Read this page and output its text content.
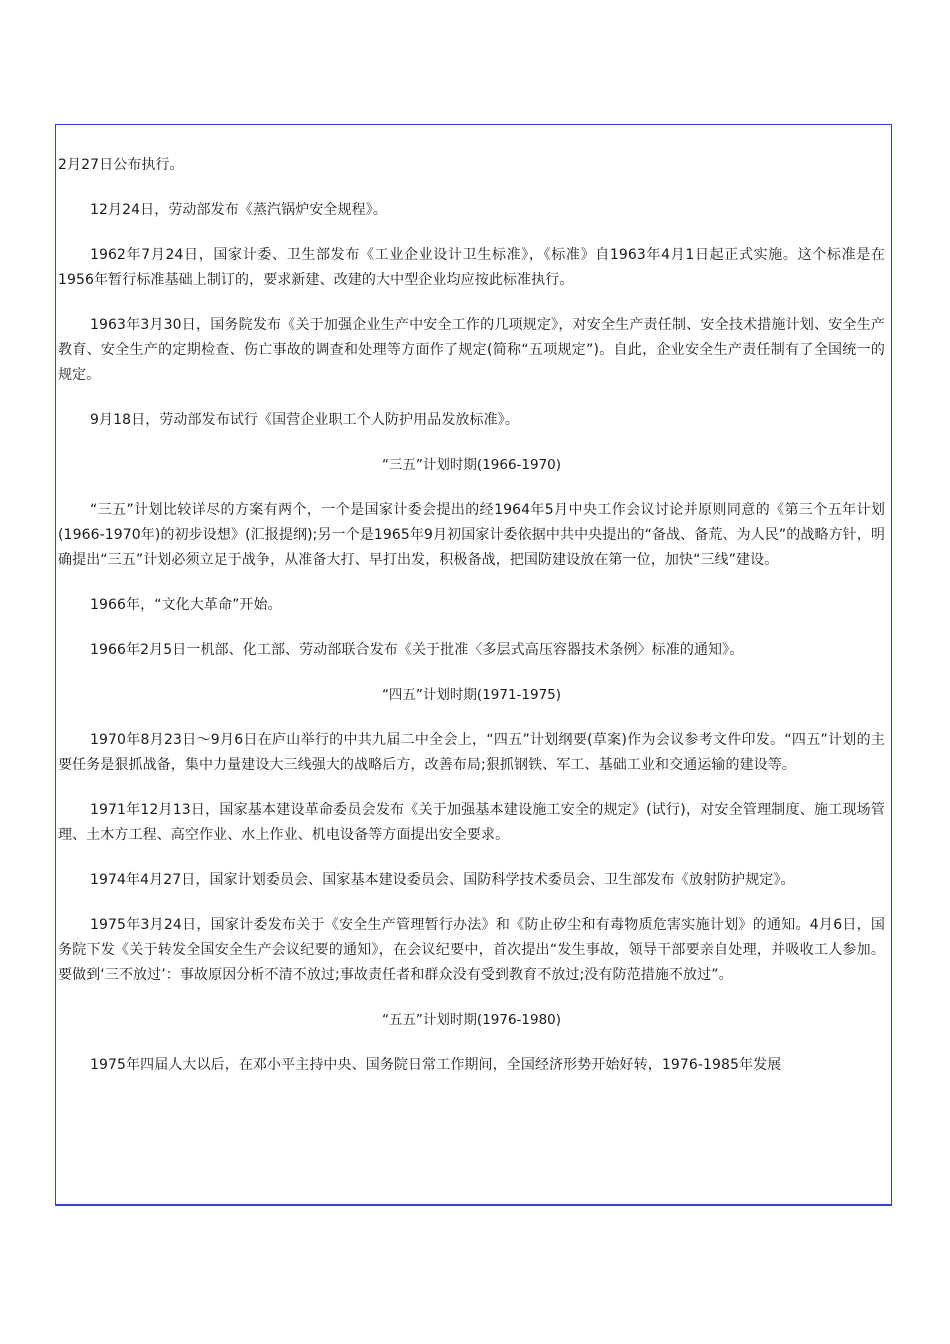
2月27日公布执行。

12月24日，劳动部发布《蒸汽锅炉安全规程》。

1962年7月24日，国家计委、卫生部发布《工业企业设计卫生标准》，《标准》自1963年4月1日起正式实施。这个标准是在1956年暂行标准基础上制订的，要求新建、改建的大中型企业均应按此标准执行。

1963年3月30日，国务院发布《关于加强企业生产中安全工作的几项规定》，对安全生产责任制、安全技术措施计划、安全生产教育、安全生产的定期检查、伤亡事故的调查和处理等方面作了规定(简称“五项规定”)。自此，企业安全生产责任制有了全国统一的规定。

9月18日，劳动部发布试行《国营企业职工个人防护用品发放标准》。

“三五”计划时期(1966-1970)

“三五”计划比较详尽的方案有两个，一个是国家计委会提出的经1964年5月中央工作会议讨论并原则同意的《第三个五年计划(1966-1970年)的初步设想》(汇报提纲);另一个是1965年9月初国家计委依据中共中央提出的“备战、备荒、为人民”的战略方针，明确提出“三五”计划必须立足于战争，从准备大打、早打出发，积极备战，把国防建设放在第一位，加快“三线”建设。

1966年，“文化大革命”开始。

1966年2月5日一机部、化工部、劳动部联合发布《关于批准〈多层式高压容器技术条例〉标准的通知》。

“四五”计划时期(1971-1975)

1970年8月23日～9月6日在庐山举行的中共九届二中全会上，“四五”计划纲要(草案)作为会议参考文件印发。“四五”计划的主要任务是狠抓战备，集中力量建设大三线强大的战略后方，改善布局;狠抓钢铁、军工、基础工业和交通运输的建设等。

1971年12月13日，国家基本建设革命委员会发布《关于加强基本建设施工安全的规定》(试行)，对安全管理制度、施工现场管理、土木方工程、高空作业、水上作业、机电设备等方面提出安全要求。

1974年4月27日，国家计划委员会、国家基本建设委员会、国防科学技术委员会、卫生部发布《放射防护规定》。

1975年3月24日，国家计委发布关于《安全生产管理暂行办法》和《防止矽尘和有毒物质危害实施计划》的通知。4月6日，国务院下发《关于转发全国安全生产会议纪要的通知》，在会议纪要中，首次提出“发生事故，领导干部要亲自处理，并吸收工人参加。要做到‘三不放过’：事故原因分析不清不放过;事故责任者和群众没有受到教育不放过;没有防范措施不放过”。

“五五”计划时期(1976-1980)

1975年四届人大以后，在邓小平主持中央、国务院日常工作期间，全国经济形势开始好转，1976-1985年发展
